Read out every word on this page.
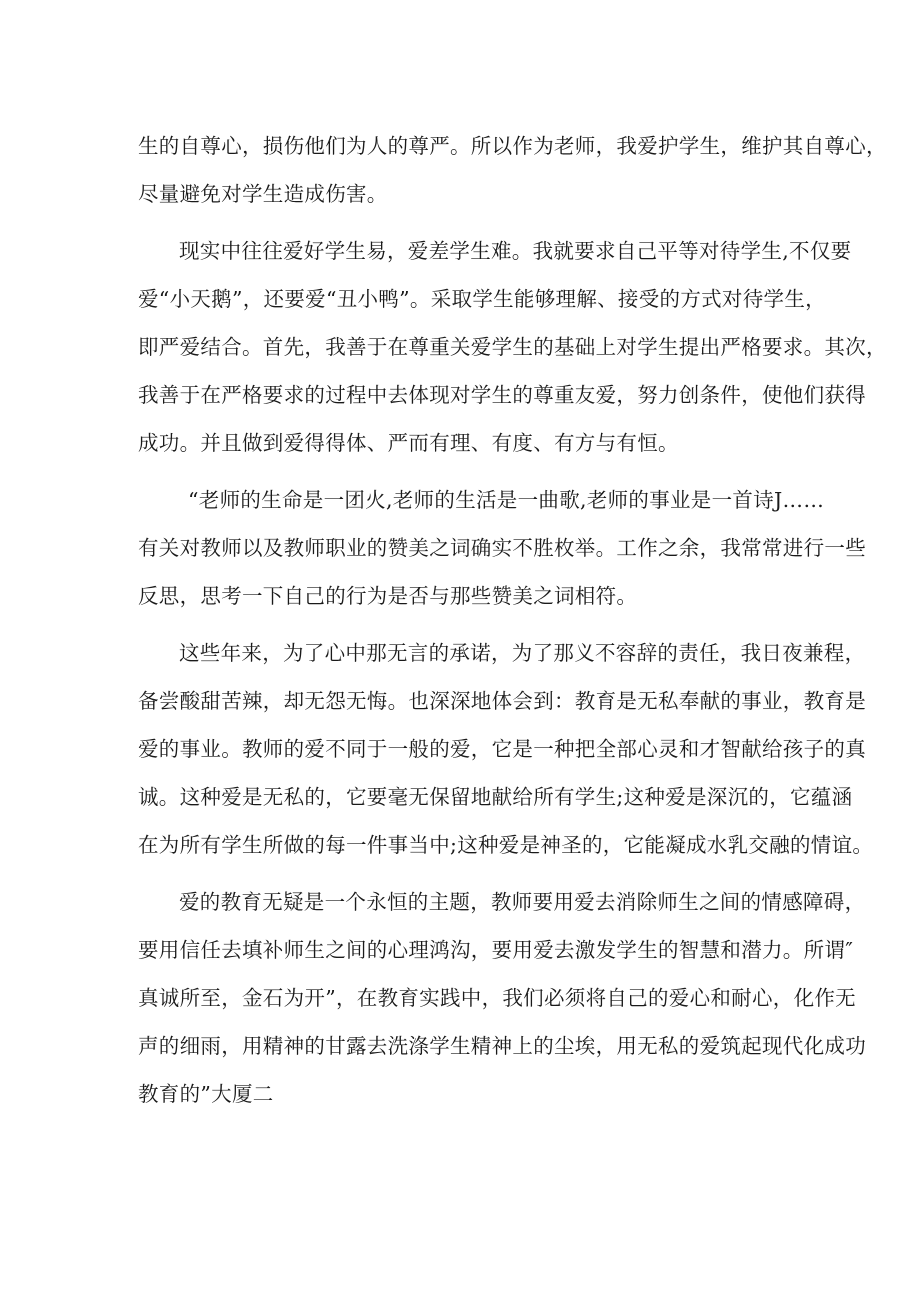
生的自尊心，损伤他们为人的尊严。所以作为老师，我爱护学生，维护其自尊心，
尽量避免对学生造成伤害。
现实中往往爱好学生易，爱差学生难。我就要求自己平等对待学生,不仅要
爱“小天鹅”，还要爱“丑小鸭”。采取学生能够理解、接受的方式对待学生，
即严爱结合。首先，我善于在尊重关爱学生的基础上对学生提出严格要求。其次，
我善于在严格要求的过程中去体现对学生的尊重友爱，努力创条件，使他们获得
成功。并且做到爱得得体、严而有理、有度、有方与有恒。
“老师的生命是一团火,老师的生活是一曲歌,老师的事业是一首诗J……
有关对教师以及教师职业的赞美之词确实不胜枚举。工作之余，我常常进行一些
反思，思考一下自己的行为是否与那些赞美之词相符。
这些年来，为了心中那无言的承诺，为了那义不容辞的责任，我日夜兼程，
备尝酸甜苦辣，却无怨无悔。也深深地体会到：教育是无私奉献的事业，教育是
爱的事业。教师的爱不同于一般的爱，它是一种把全部心灵和才智献给孩子的真
诚。这种爱是无私的，它要毫无保留地献给所有学生;这种爱是深沉的，它蕴涵
在为所有学生所做的每一件事当中;这种爱是神圣的，它能凝成水乳交融的情谊。
爱的教育无疑是一个永恒的主题，教师要用爱去消除师生之间的情感障碍，
要用信任去填补师生之间的心理鸿沟，要用爱去激发学生的智慧和潜力。所谓″
真诚所至，金石为开”，在教育实践中，我们必须将自己的爱心和耐心，化作无
声的细雨，用精神的甘露去洗涤学生精神上的尘埃，用无私的爱筑起现代化成功
教育的”大厦二
